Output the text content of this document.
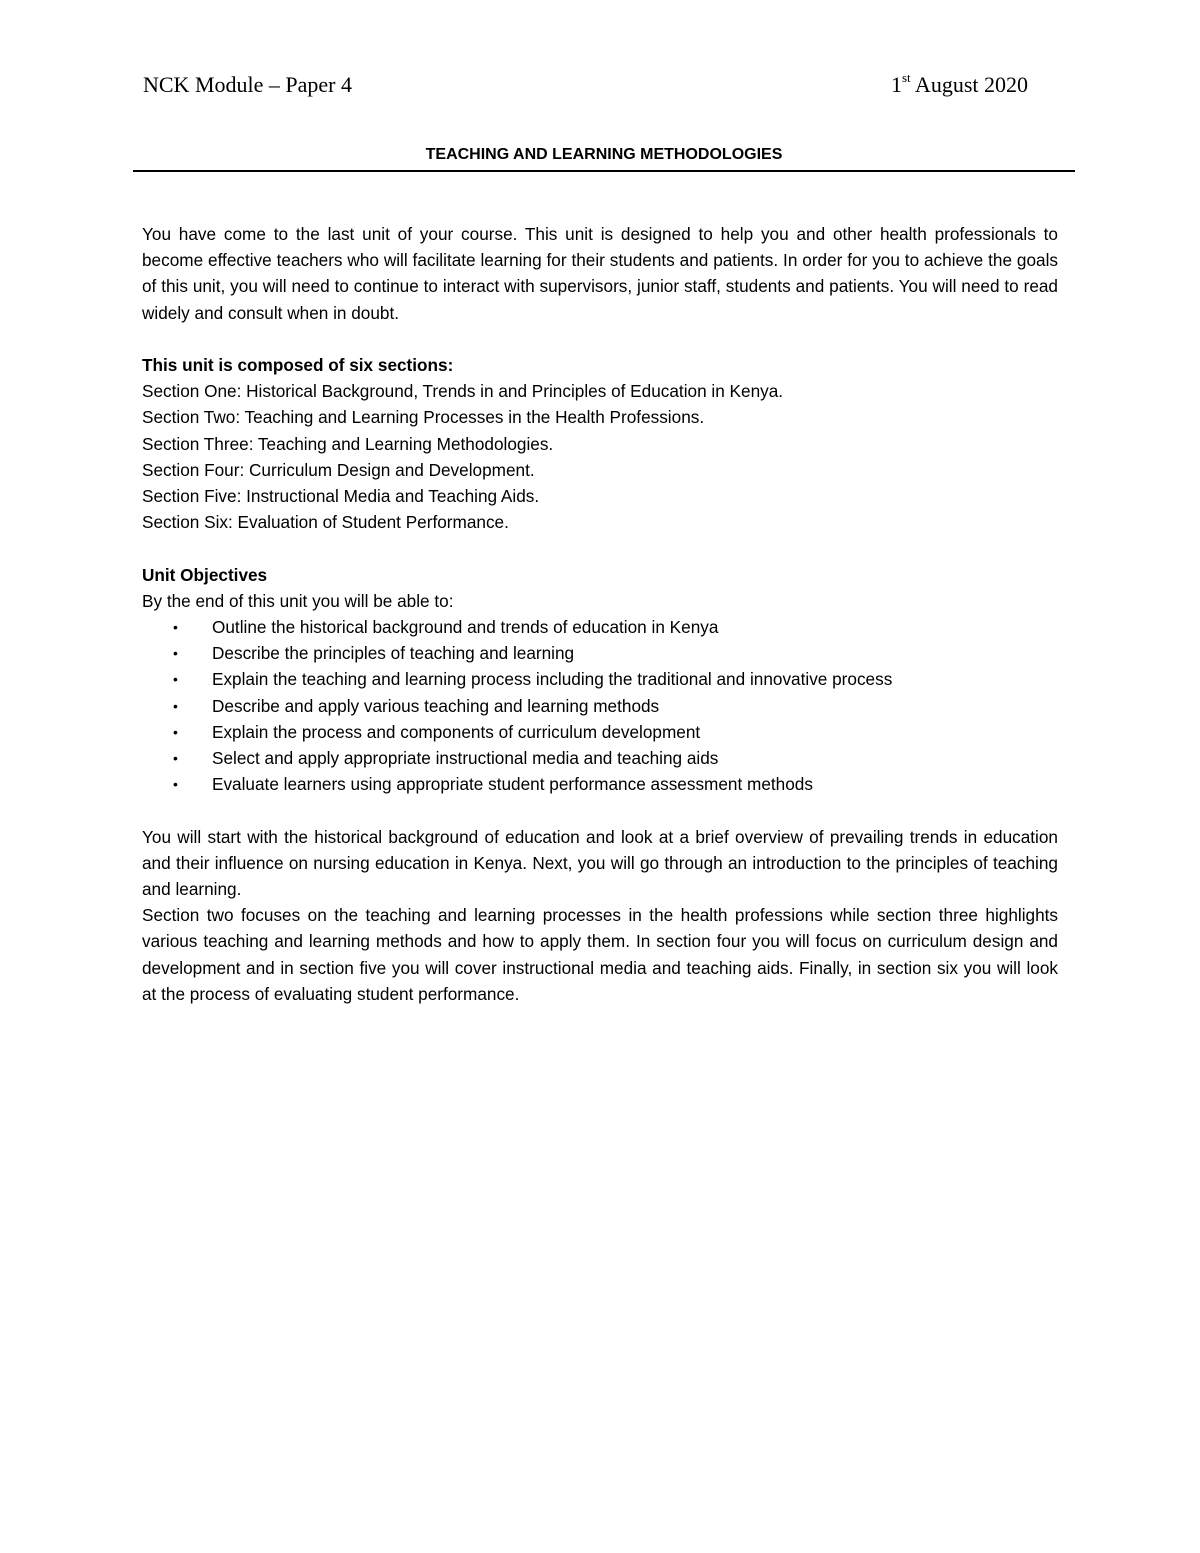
NCK Module – Paper 4	1st August 2020
TEACHING AND LEARNING METHODOLOGIES

You have come to the last unit of your course. This unit is designed to help you and other health professionals to become effective teachers who will facilitate learning for their students and patients. In order for you to achieve the goals of this unit, you will need to continue to interact with supervisors, junior staff, students and patients. You will need to read widely and consult when in doubt.

This unit is composed of six sections:

Section One: Historical Background, Trends in and Principles of Education in Kenya.

Section Two: Teaching and Learning Processes in the Health Professions.

Section Three: Teaching and Learning Methodologies.

Section Four: Curriculum Design and Development.

Section Five: Instructional Media and Teaching Aids.

Section Six: Evaluation of Student Performance.

Unit Objectives

By the end of this unit you will be able to:

• Outline the historical background and trends of education in Kenya
• Describe the principles of teaching and learning
• Explain the teaching and learning process including the traditional and innovative process
• Describe and apply various teaching and learning methods
• Explain the process and components of curriculum development
• Select and apply appropriate instructional media and teaching aids
• Evaluate learners using appropriate student performance assessment methods

You will start with the historical background of education and look at a brief overview of prevailing trends in education and their influence on nursing education in Kenya. Next, you will go through an introduction to the principles of teaching and learning.

Section two focuses on the teaching and learning processes in the health professions while section three highlights various teaching and learning methods and how to apply them. In section four you will focus on curriculum design and development and in section five you will cover instructional media and teaching aids. Finally, in section six you will look at the process of evaluating student performance.
